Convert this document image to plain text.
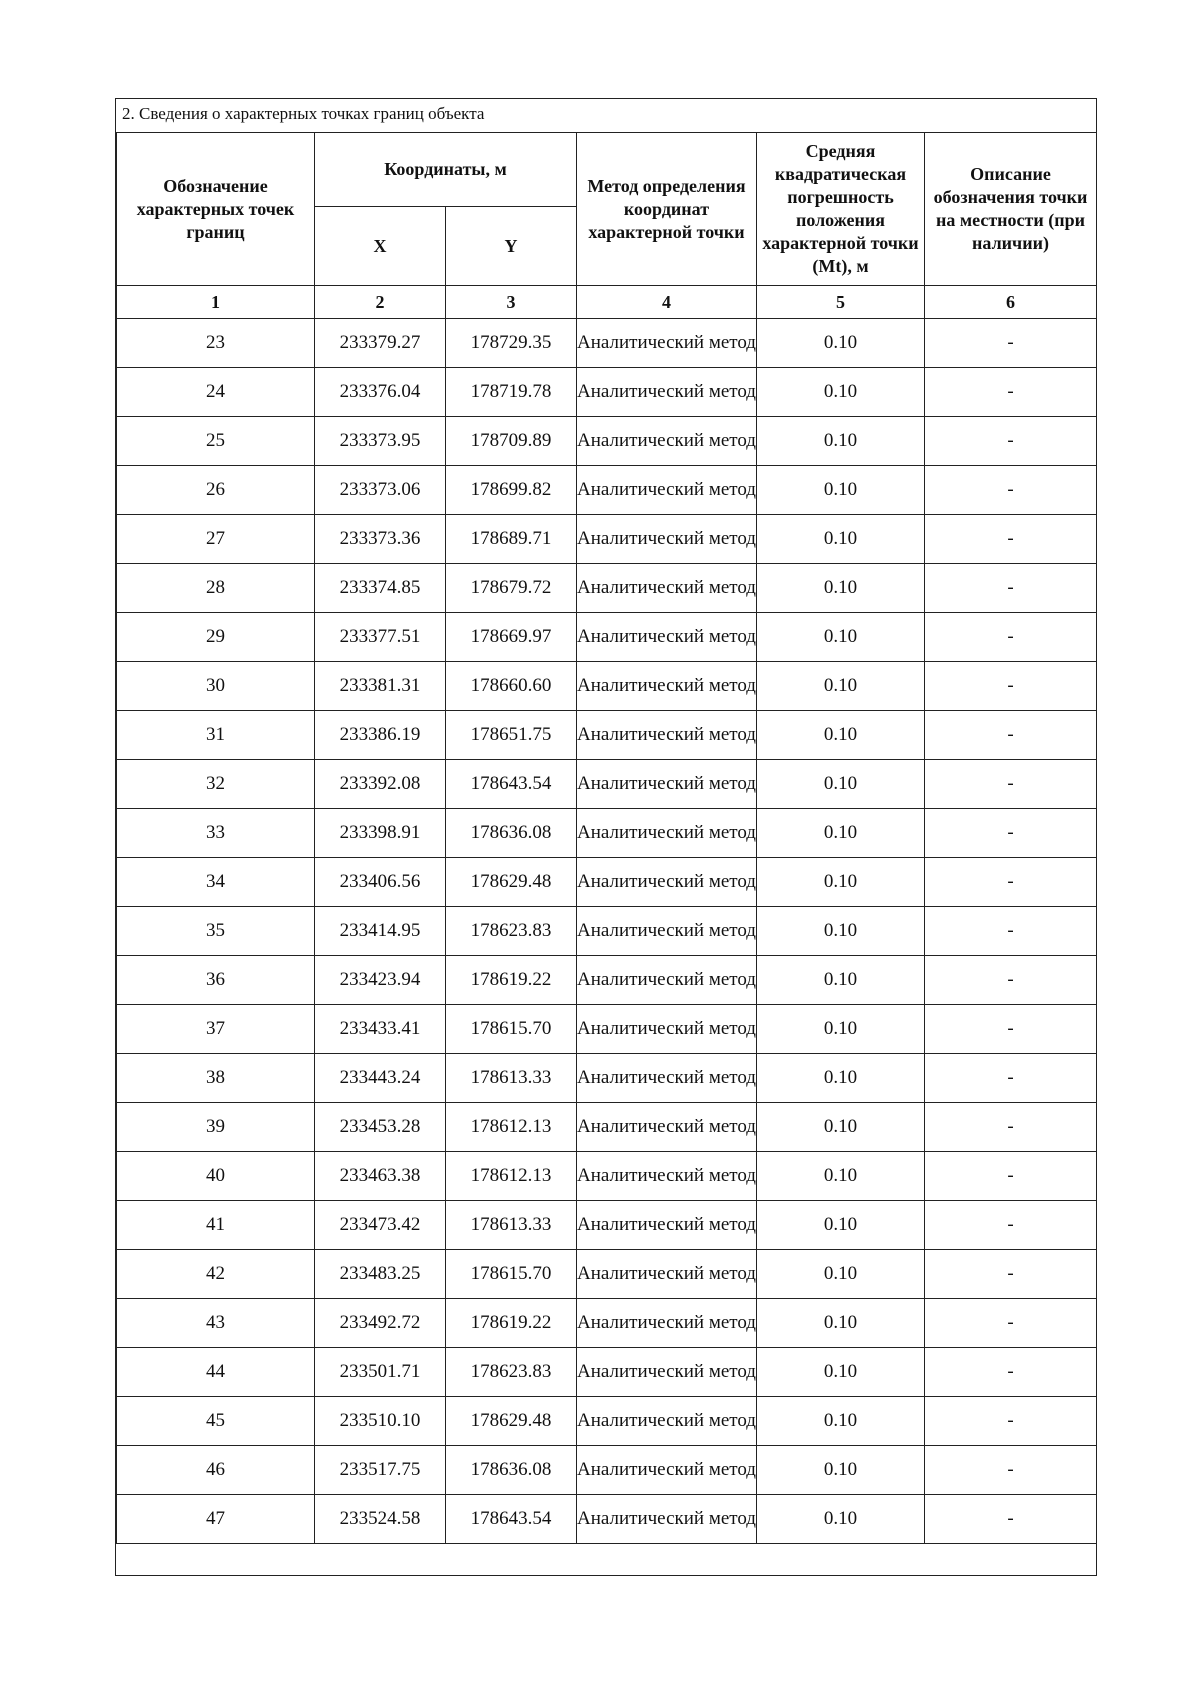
2. Сведения о характерных точках границ объекта
Обозначение характерных точек границ	Координаты, м		Метод определения координат характерной точки	Средняя квадратическая погрешность положения характерной точки (Mt), м	Описание обозначения точки на местности (при наличии)
	X	Y			
1	2	3	4	5	6
23	233379.27	178729.35	Аналитический метод	0.10	-
24	233376.04	178719.78	Аналитический метод	0.10	-
25	233373.95	178709.89	Аналитический метод	0.10	-
26	233373.06	178699.82	Аналитический метод	0.10	-
27	233373.36	178689.71	Аналитический метод	0.10	-
28	233374.85	178679.72	Аналитический метод	0.10	-
29	233377.51	178669.97	Аналитический метод	0.10	-
30	233381.31	178660.60	Аналитический метод	0.10	-
31	233386.19	178651.75	Аналитический метод	0.10	-
32	233392.08	178643.54	Аналитический метод	0.10	-
33	233398.91	178636.08	Аналитический метод	0.10	-
34	233406.56	178629.48	Аналитический метод	0.10	-
35	233414.95	178623.83	Аналитический метод	0.10	-
36	233423.94	178619.22	Аналитический метод	0.10	-
37	233433.41	178615.70	Аналитический метод	0.10	-
38	233443.24	178613.33	Аналитический метод	0.10	-
39	233453.28	178612.13	Аналитический метод	0.10	-
40	233463.38	178612.13	Аналитический метод	0.10	-
41	233473.42	178613.33	Аналитический метод	0.10	-
42	233483.25	178615.70	Аналитический метод	0.10	-
43	233492.72	178619.22	Аналитический метод	0.10	-
44	233501.71	178623.83	Аналитический метод	0.10	-
45	233510.10	178629.48	Аналитический метод	0.10	-
46	233517.75	178636.08	Аналитический метод	0.10	-
47	233524.58	178643.54	Аналитический метод	0.10	-
